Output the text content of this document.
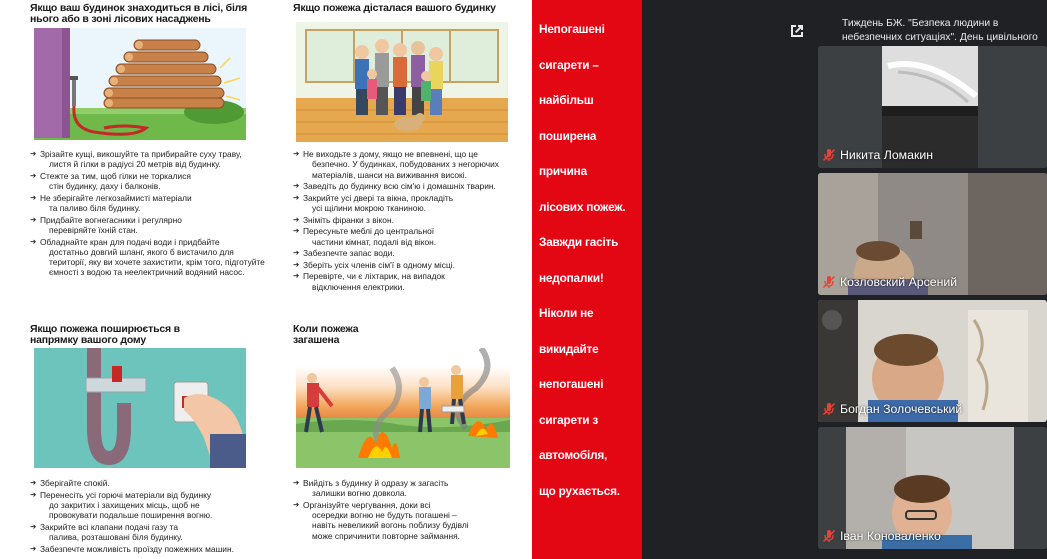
Якщо ваш будинок знаходиться в лісі, біля
нього або в зоні лісових насаджень
➔ Зрізайте кущі, викошуйте та прибирайте суху траву,
листя й гілки в радіусі 20 метрів від будинку.
➔ Стежте за тим, щоб гілки не торкалися
стін будинку, даху і балконів.
➔ Не зберігайте легкозаймисті матеріали
та паливо біля будинку.
➔ Придбайте вогнегасники і регулярно
перевіряйте їхній стан.
➔ Обладнайте кран для подачі води і придбайте
достатньо довгий шланг, якого б вистачило для
території, яку ви хочете захистити, крім того, підготуйте
ємності з водою та неелектричний водяний насос.
Якщо пожежа дісталася вашого будинку
➔ Не виходьте з дому, якщо не впевнені, що це
безпечно. У будинках, побудованих з негорючих
матеріалів, шанси на виживання високі.
➔ Заведіть до будинку всю сім'ю і домашніх тварин.
➔ Закрийте усі двері та вікна, прокладіть
усі щілини мокрою тканиною.
➔ Зніміть фіранки з вікон.
➔ Пересуньте меблі до центральної
частини кімнат, подалі від вікон.
➔ Забезпечте запас води.
➔ Зберіть усіх членів сім'ї в одному місці.
➔ Перевірте, чи є ліхтарик, на випадок
відключення електрики.
Якщо пожежа поширюється в
напрямку вашого дому
➔ Зберігайте спокій.
➔ Перенесіть усі горючі матеріали від будинку
до закритих і захищених місць, щоб не
провокувати подальше поширення вогню.
➔ Закрийте всі клапани подачі газу та
палива, розташовані біля будинку.
➔ Забезпечте можливість проїзду пожежних машин.
Коли пожежа
загашена
➔ Вийдіть з будинку й одразу ж загасіть
залишки вогню довкола.
➔ Організуйте чергування, доки всі
осередки вогню не будуть погашені –
навіть невеликий вогонь поблизу будівлі
може спричинити повторне займання.
Непогашені
сигарети –
найбільш
поширена
причина
лісових пожеж.
Завжди гасіть
недопалки!
Ніколи не
викидайте
непогашені
сигарети з
автомобіля,
що рухається.
Тиждень БЖ. "Безпека людини в
небезпечних ситуаціях". День цивільного
Никита Ломакин
Козловский Арсений
Богдан Золочевський
Іван Коноваленко
